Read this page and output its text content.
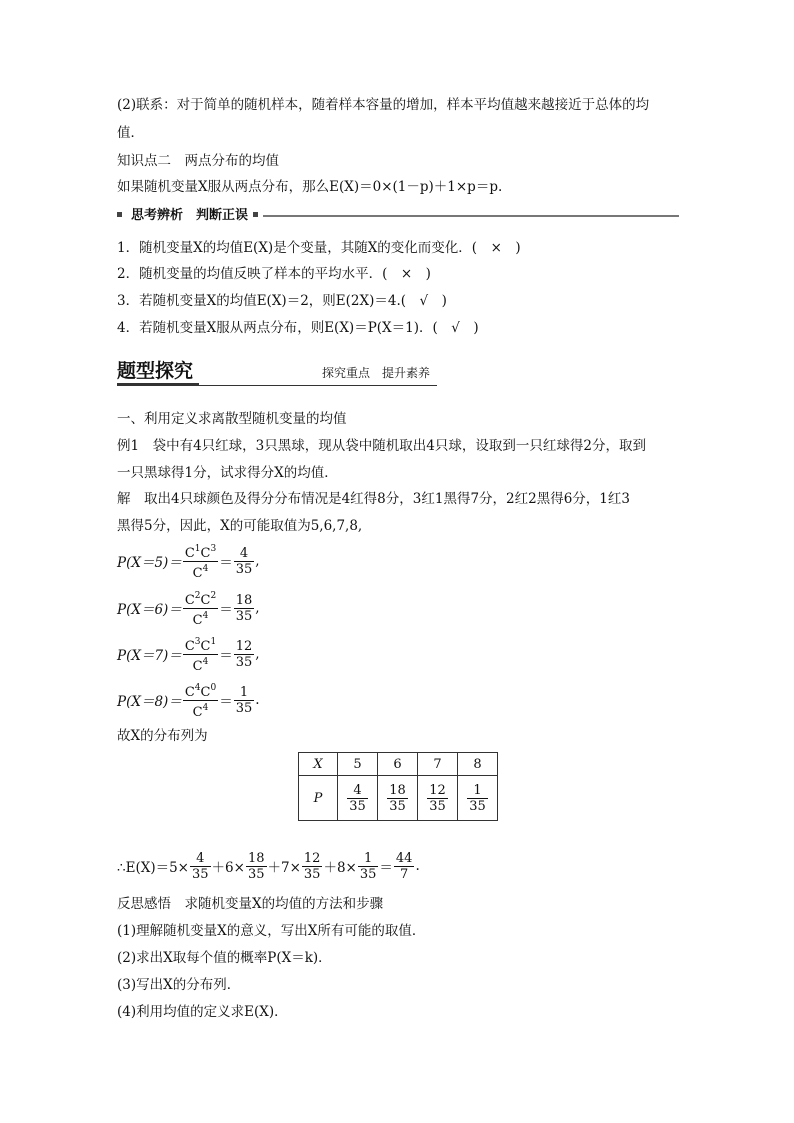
(2)联系：对于简单的随机样本，随着样本容量的增加，样本平均值越来越接近于总体的均
值．
知识点二　两点分布的均值
如果随机变量X服从两点分布，那么E(X)＝0×(1－p)＋1×p＝p.
思考辨析　判断正误
1．随机变量X的均值E(X)是个变量，其随X的变化而变化．(　×　)
2．随机变量的均值反映了样本的平均水平．(　×　)
3．若随机变量X的均值E(X)＝2，则E(2X)＝4.(　√　)
4．若随机变量X服从两点分布，则E(X)＝P(X＝1)．(　√　)
题型探究	探究重点　提升素养
一、利用定义求离散型随机变量的均值
例1　袋中有4只红球，3只黑球，现从袋中随机取出4只球，设取到一只红球得2分，取到
一只黑球得1分，试求得分X的均值．
解　取出4只球颜色及得分分布情况是4红得8分，3红1黑得7分，2红2黑得6分，1红3
黑得5分，因此，X的可能取值为5,6,7,8,
$P(X=5)= \frac{C^1C^3}{C^4} = \frac{4}{35}$ ,
$P(X=6)= \frac{C^2C^2}{C^4} = \frac{18}{35}$ ,
$P(X=7)= \frac{C^3C^1}{C^4} = \frac{12}{35}$ ,
$P(X=8)= \frac{C^4C^0}{C^4} = \frac{1}{35}$ .
故X的分布列为
X	5	6	7	8
P	$\frac{4}{35}$	$\frac{18}{35}$	$\frac{12}{35}$	$\frac{1}{35}$
∴E(X)＝5× $\frac{4}{35} +6\times \frac{18}{35} +7\times \frac{12}{35} +8\times \frac{1}{35} = \frac{44}{7}$ .
反思感悟　求随机变量X的均值的方法和步骤
(1)理解随机变量X的意义，写出X所有可能的取值．
(2)求出X取每个值的概率P(X＝k)．
(3)写出X的分布列．
(4)利用均值的定义求E(X)．
